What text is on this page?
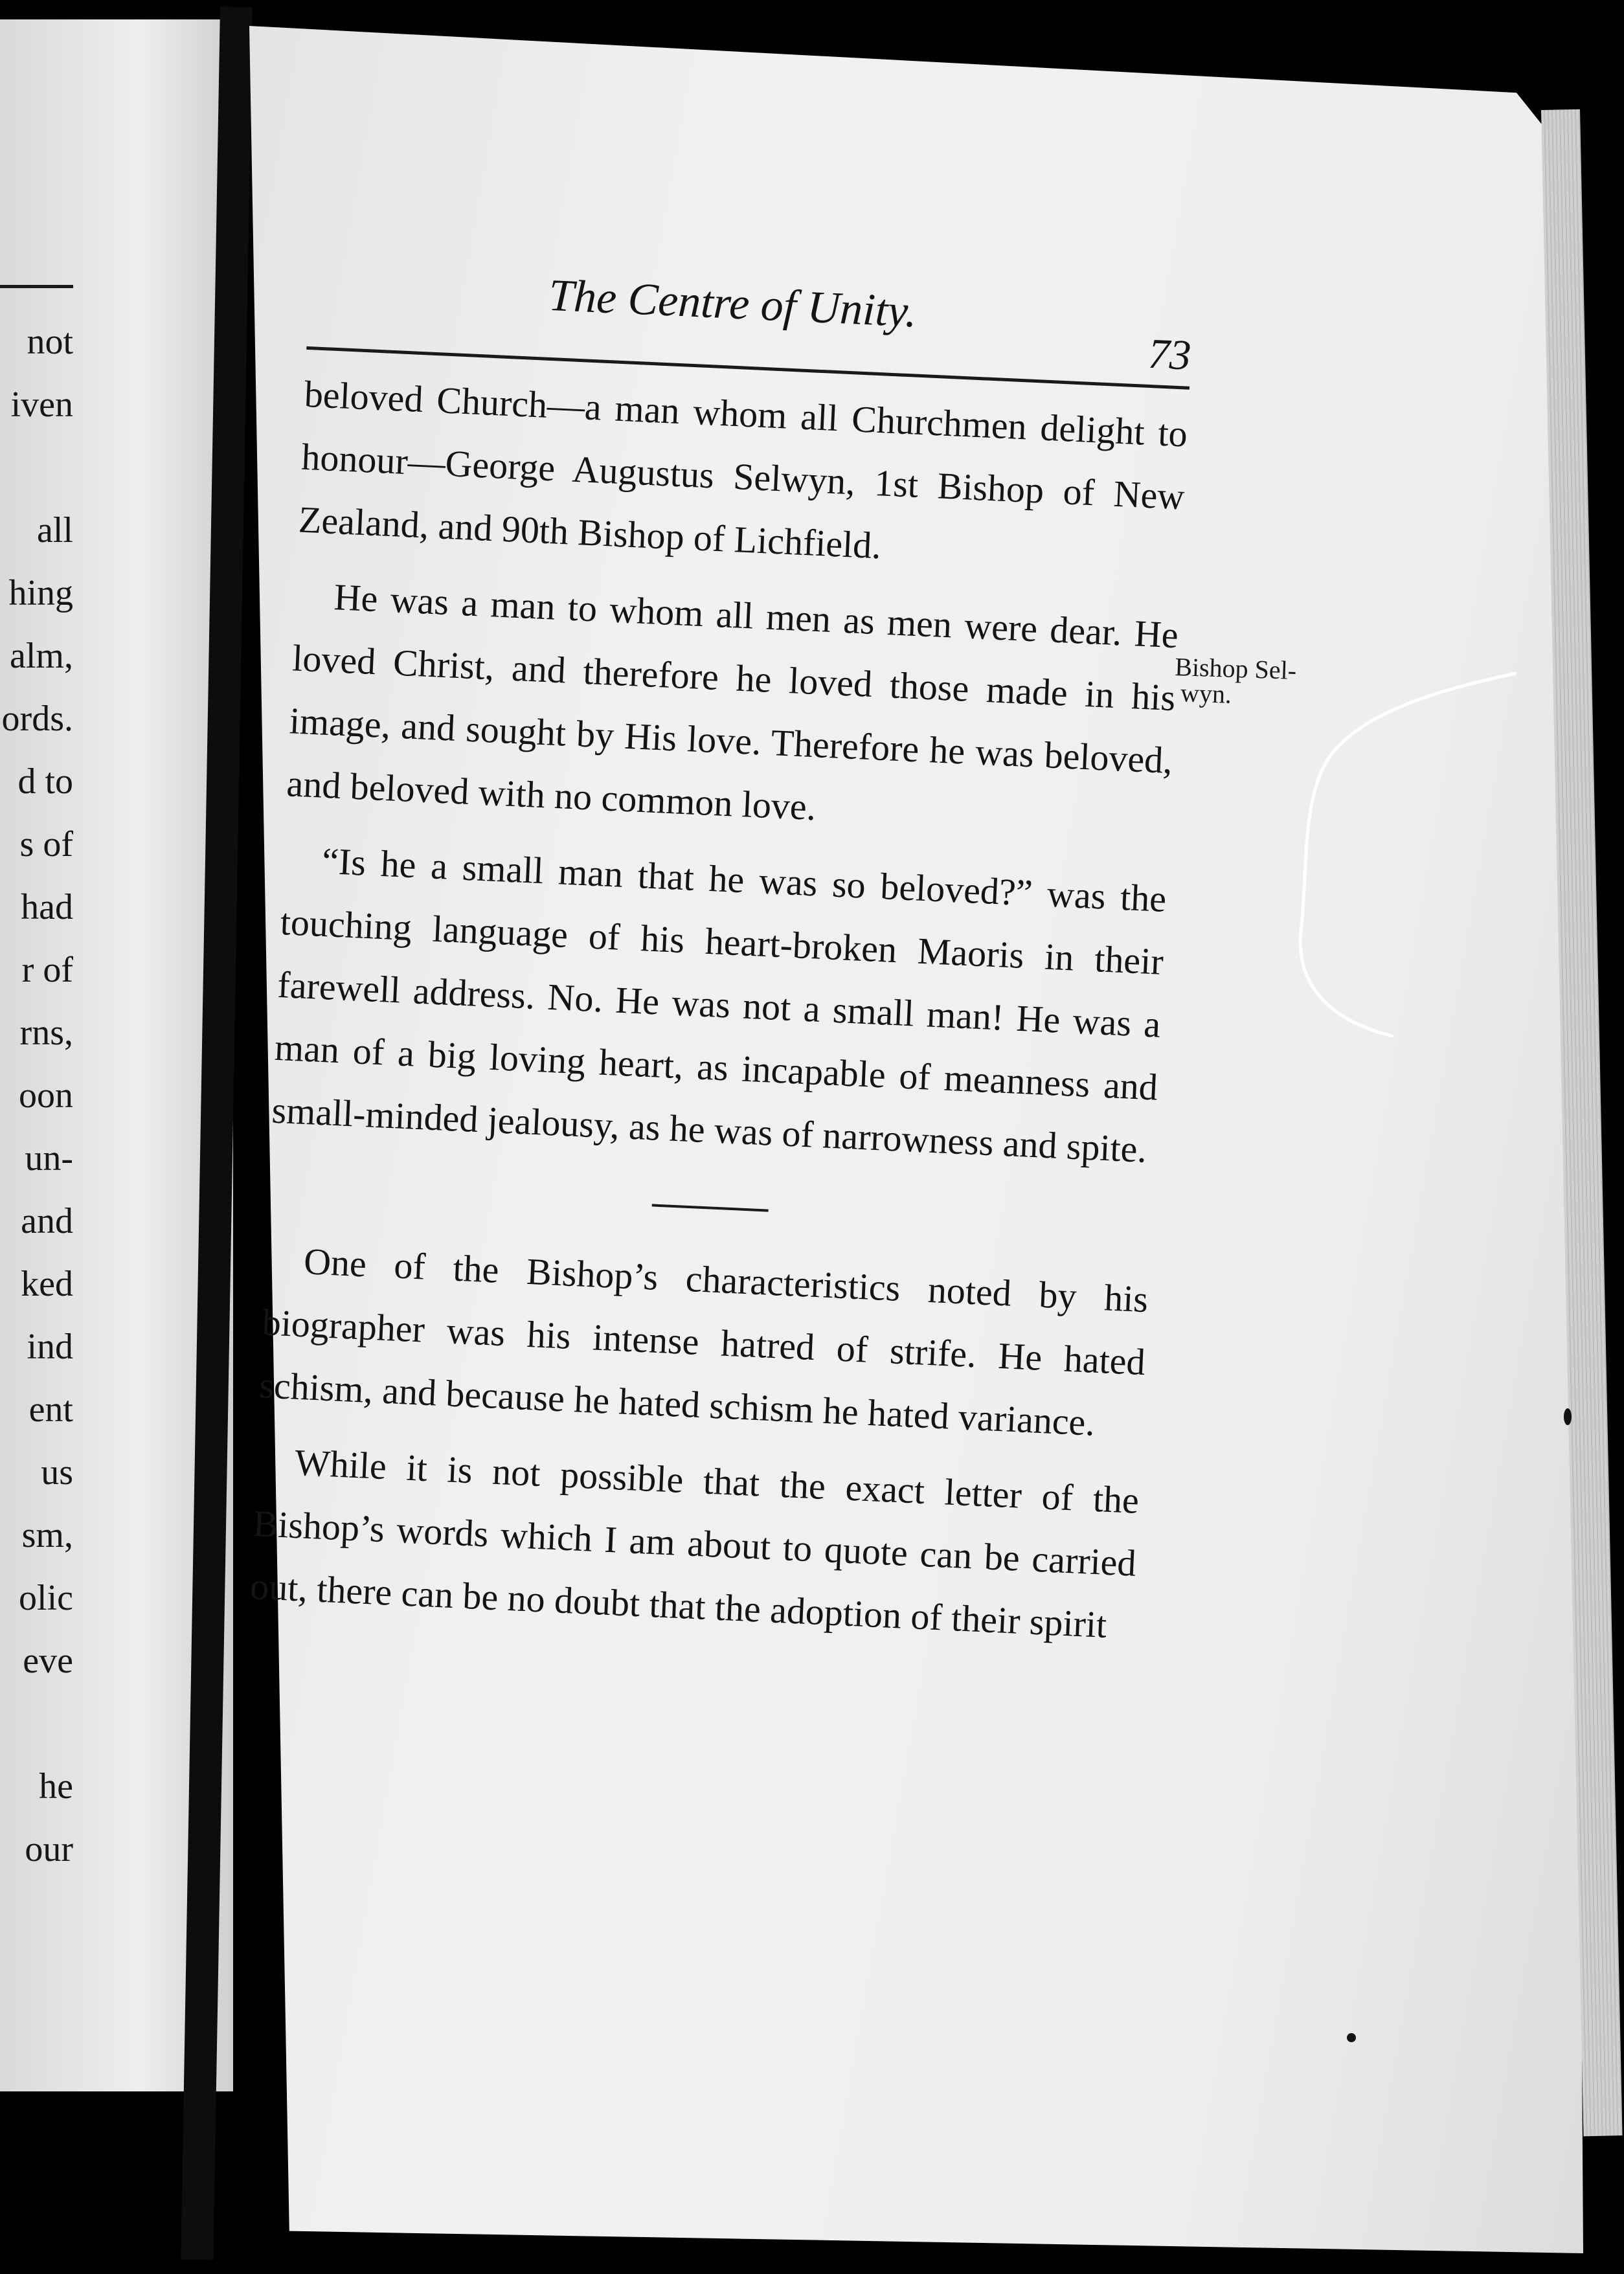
not
iven
all
hing
alm,
ords.
d to
s of
had
r of
rns,
oon
un-
and
ked
ind
ent
us
sm,
olic
eve
he
our
The Centre of Unity.
73

beloved Church—a man whom all Churchmen delight to honour—George Augustus Selwyn, 1st Bishop of New Zealand, and 90th Bishop of Lichfield.

He was a man to whom all men as men were dear. He loved Christ, and therefore he loved those made in his image, and sought by His love. Therefore he was beloved, and beloved with no common love.

“Is he a small man that he was so beloved?” was the touching language of his heart-broken Maoris in their farewell address. No. He was not a small man! He was a man of a big loving heart, as incapable of meanness and small-minded jealousy, as he was of narrowness and spite.

One of the Bishop’s characteristics noted by his biographer was his intense hatred of strife. He hated schism, and because he hated schism he hated variance.

While it is not possible that the exact letter of the Bishop’s words which I am about to quote can be carried out, there can be no doubt that the adoption of their spirit

Bishop Sel-
wyn.
